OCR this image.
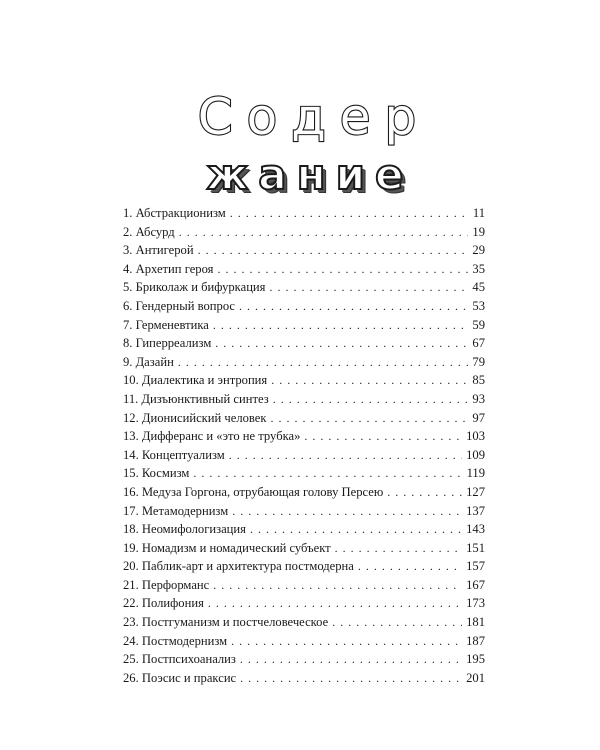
Содер
жание
1. Абстракционизм . . .	11
2. Абсурд . . .	19
3. Антигерой . . .	29
4. Архетип героя . . .	35
5. Бриколаж и бифуркация . . .	45
6. Гендерный вопрос . . .	53
7. Герменевтика . . .	59
8. Гиперреализм . . .	67
9. Дазайн . . .	79
10. Диалектика и энтропия . . .	85
11. Дизъюнктивный синтез . . .	93
12. Дионисийский человек . . .	97
13. Дифферанс и «это не трубка» . . .	103
14. Концептуализм . . .	109
15. Космизм . . .	119
16. Медуза Горгона, отрубающая голову Персею . . .	127
17. Метамодернизм . . .	137
18. Неомифологизация . . .	143
19. Номадизм и номадический субъект . . .	151
20. Паблик-арт и архитектура постмодерна . . .	157
21. Перформанс . . .	167
22. Полифония . . .	173
23. Постгуманизм и постчеловеческое . . .	181
24. Постмодернизм . . .	187
25. Постпсихоанализ . . .	195
26. Поэсис и праксис . . .	201
